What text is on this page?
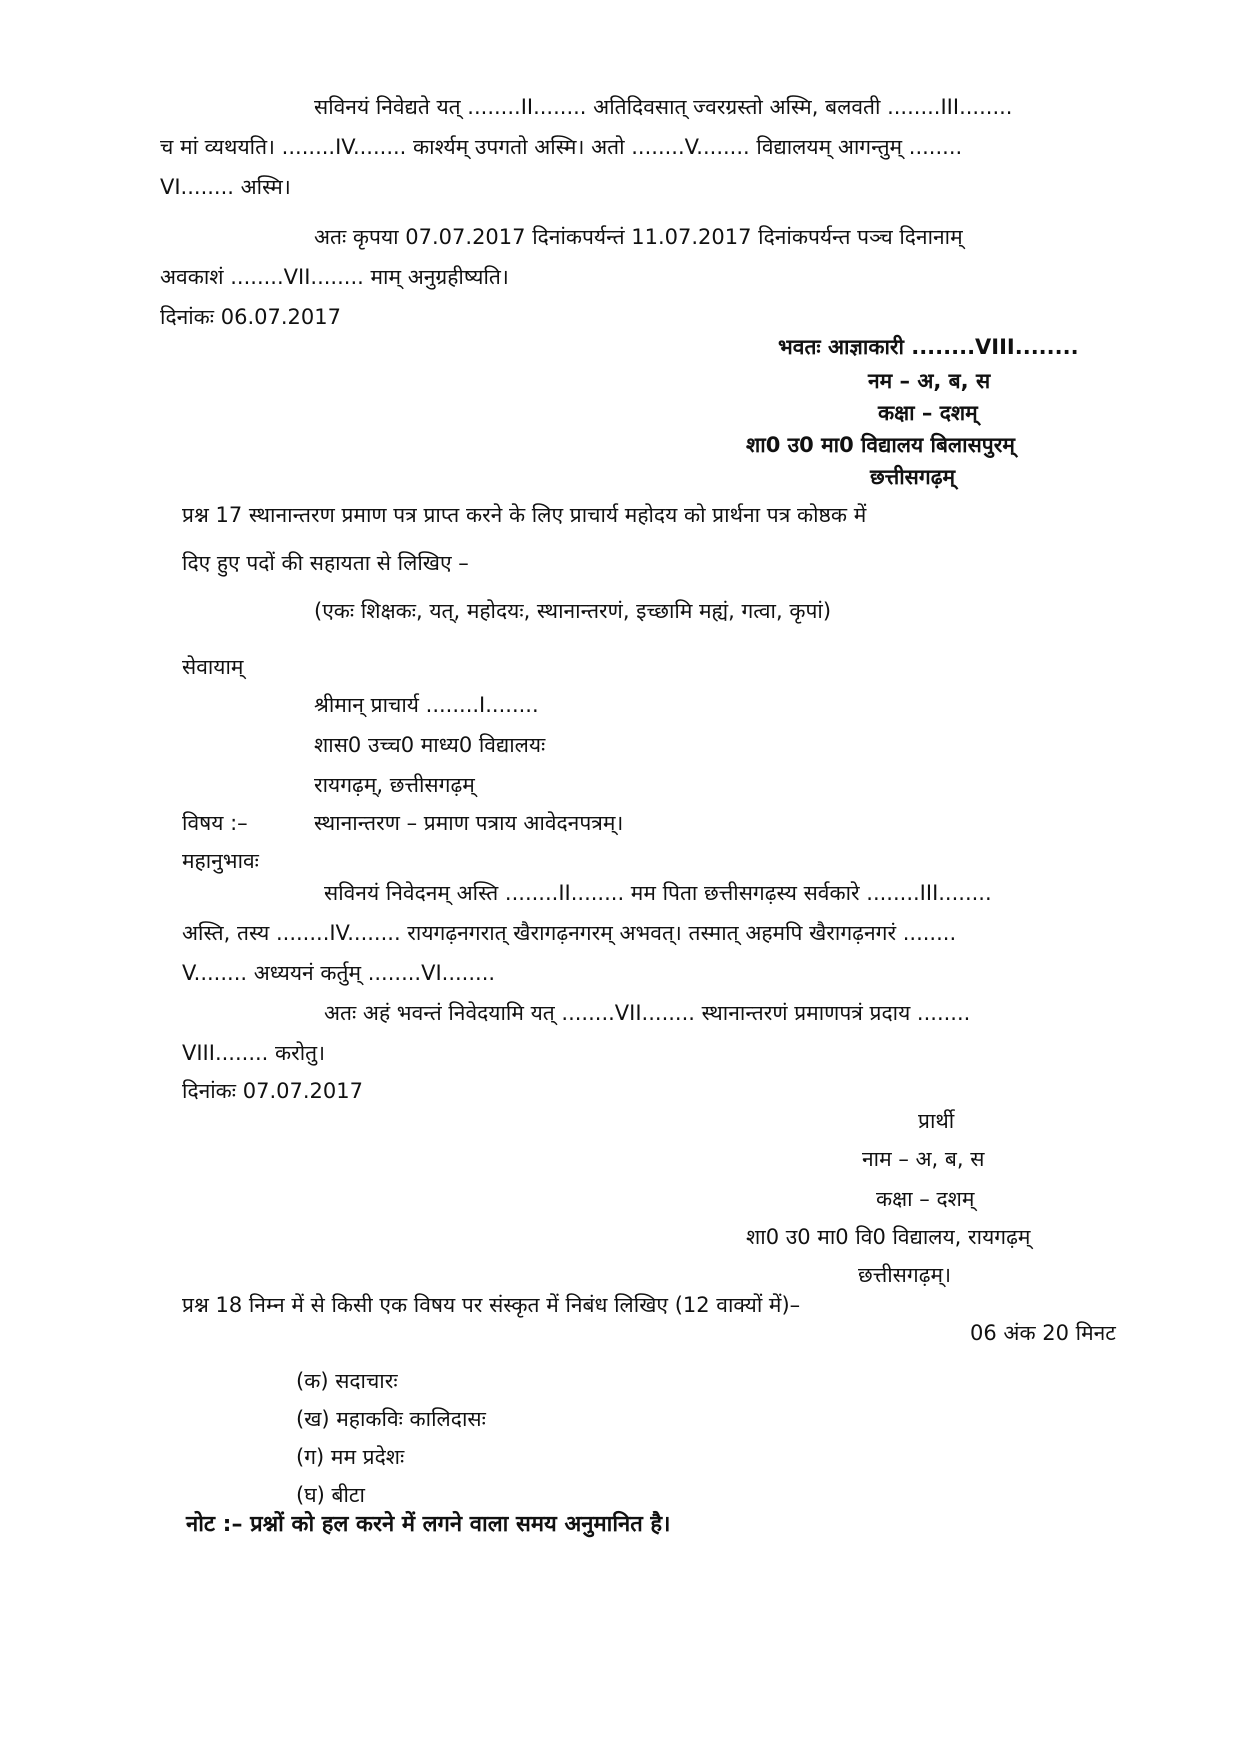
सविनयं निवेद्यते यत् ........II........ अतिदिवसात् ज्वरग्रस्तो अस्मि, बलवती ........III........
च मां व्यथयति। ........IV........ कार्श्यम् उपगतो अस्मि। अतो ........V........ विद्यालयम् आगन्तुम् ........
VI........ अस्मि।
अतः कृपया 07.07.2017 दिनांकपर्यन्तं 11.07.2017 दिनांकपर्यन्त पञ्च दिनानाम्
अवकाशं ........VII........ माम् अनुग्रहीष्यति।
दिनांकः 06.07.2017
भवतः आज्ञाकारी ........VIII........
नम – अ, ब, स
कक्षा – दशम्
शा0 उ0 मा0 विद्यालय बिलासपुरम्
छत्तीसगढ़म्
प्रश्न 17 स्थानान्तरण प्रमाण पत्र प्राप्त करने के लिए प्राचार्य महोदय को प्रार्थना पत्र कोष्ठक में
दिए हुए पदों की सहायता से लिखिए –
(एकः शिक्षकः, यत्, महोदयः, स्थानान्तरणं, इच्छामि मह्यं, गत्वा, कृपां)
सेवायाम्
श्रीमान् प्राचार्य ........I........
शास0 उच्च0 माध्य0 विद्यालयः
रायगढ़म्, छत्तीसगढ़म्
विषय :–	स्थानान्तरण – प्रमाण पत्राय आवेदनपत्रम्।
महानुभावः
सविनयं निवेदनम् अस्ति ........II........ मम पिता छत्तीसगढ़स्य सर्वकारे ........III........
अस्ति, तस्य ........IV........ रायगढ़नगरात् खैरागढ़नगरम् अभवत्। तस्मात् अहमपि खैरागढ़नगरं ........
V........ अध्ययनं कर्तुम् ........VI........
अतः अहं भवन्तं निवेदयामि यत् ........VII........ स्थानान्तरणं प्रमाणपत्रं प्रदाय ........
VIII........ करोतु।
दिनांकः 07.07.2017
प्रार्थी
नाम – अ, ब, स
कक्षा – दशम्
शा0 उ0 मा0 वि0 विद्यालय, रायगढ़म्
छत्तीसगढ़म्।
प्रश्न 18 निम्न में से किसी एक विषय पर संस्कृत में निबंध लिखिए (12 वाक्यों में)–
06 अंक 20 मिनट
(क) सदाचारः
(ख) महाकविः कालिदासः
(ग) मम प्रदेशः
(घ) बीटा
नोट :– प्रश्नों को हल करने में लगने वाला समय अनुमानित है।
